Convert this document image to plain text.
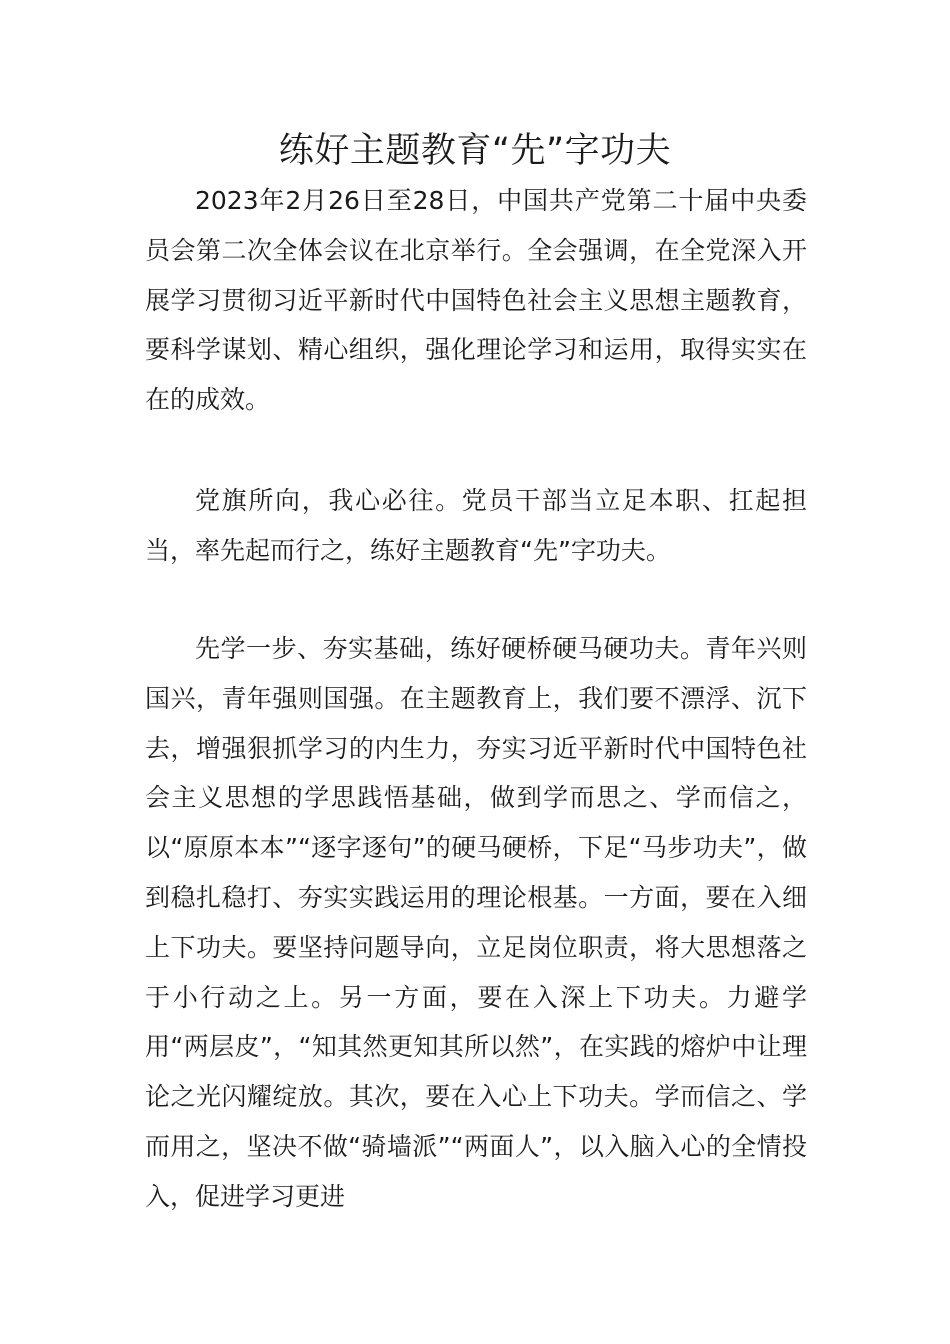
练好主题教育“先”字功夫

2023年2月26日至28日，中国共产党第二十届中央委员会第二次全体会议在北京举行。全会强调，在全党深入开展学习贯彻习近平新时代中国特色社会主义思想主题教育，要科学谋划、精心组织，强化理论学习和运用，取得实实在在的成效。

党旗所向，我心必往。党员干部当立足本职、扛起担当，率先起而行之，练好主题教育“先”字功夫。

先学一步、夯实基础，练好硬桥硬马硬功夫。青年兴则国兴，青年强则国强。在主题教育上，我们要不漂浮、沉下去，增强狠抓学习的内生力，夯实习近平新时代中国特色社会主义思想的学思践悟基础，做到学而思之、学而信之，以“原原本本”“逐字逐句”的硬马硬桥，下足“马步功夫”，做到稳扎稳打、夯实实践运用的理论根基。一方面，要在入细上下功夫。要坚持问题导向，立足岗位职责，将大思想落之于小行动之上。另一方面，要在入深上下功夫。力避学用“两层皮”，“知其然更知其所以然”，在实践的熔炉中让理论之光闪耀绽放。其次，要在入心上下功夫。学而信之、学而用之，坚决不做“骑墙派”“两面人”，以入脑入心的全情投入，促进学习更进
